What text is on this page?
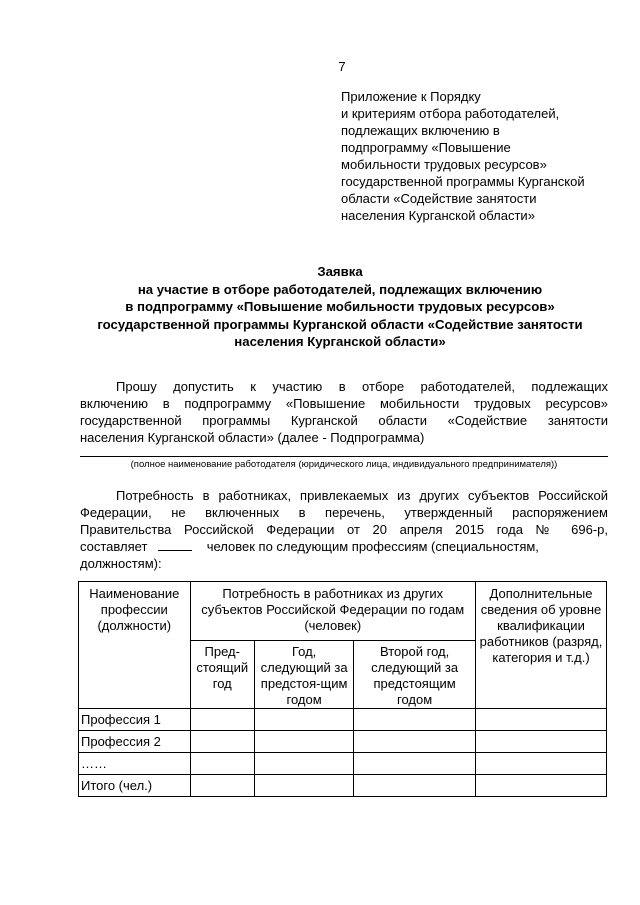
7
Приложение к Порядку
и критериям отбора работодателей,
подлежащих включению в
подпрограмму «Повышение
мобильности трудовых ресурсов»
государственной программы Курганской
области «Содействие занятости
населения Курганской области»
Заявка
на участие в отборе работодателей, подлежащих включению
в подпрограмму «Повышение мобильности трудовых ресурсов»
государственной программы Курганской области «Содействие занятости
населения Курганской области»
Прошу допустить к участию в отборе работодателей, подлежащих
включению в подпрограмму «Повышение мобильности трудовых ресурсов»
государственной программы Курганской области «Содействие занятости
населения Курганской области» (далее - Подпрограмма)
(полное наименование работодателя (юридического лица, индивидуального предпринимателя))
Потребность в работниках, привлекаемых из других субъектов Российской
Федерации, не включенных в перечень, утвержденный распоряжением
Правительства Российской Федерации от 20 апреля 2015 года № 696-р,
составляет	человек по следующим профессиям (специальностям,
должностям):
Наименование профессии (должности)	Потребность в работниках из других субъектов Российской Федерации по годам (человек)			Дополнительные сведения об уровне квалификации работников (разряд, категория и т.д.)
	Пред-стоящий год	Год, следующий за предстоя-щим годом	Второй год, следующий за предстоящим годом	
Профессия 1				
Профессия 2				
……				
Итого (чел.)				
